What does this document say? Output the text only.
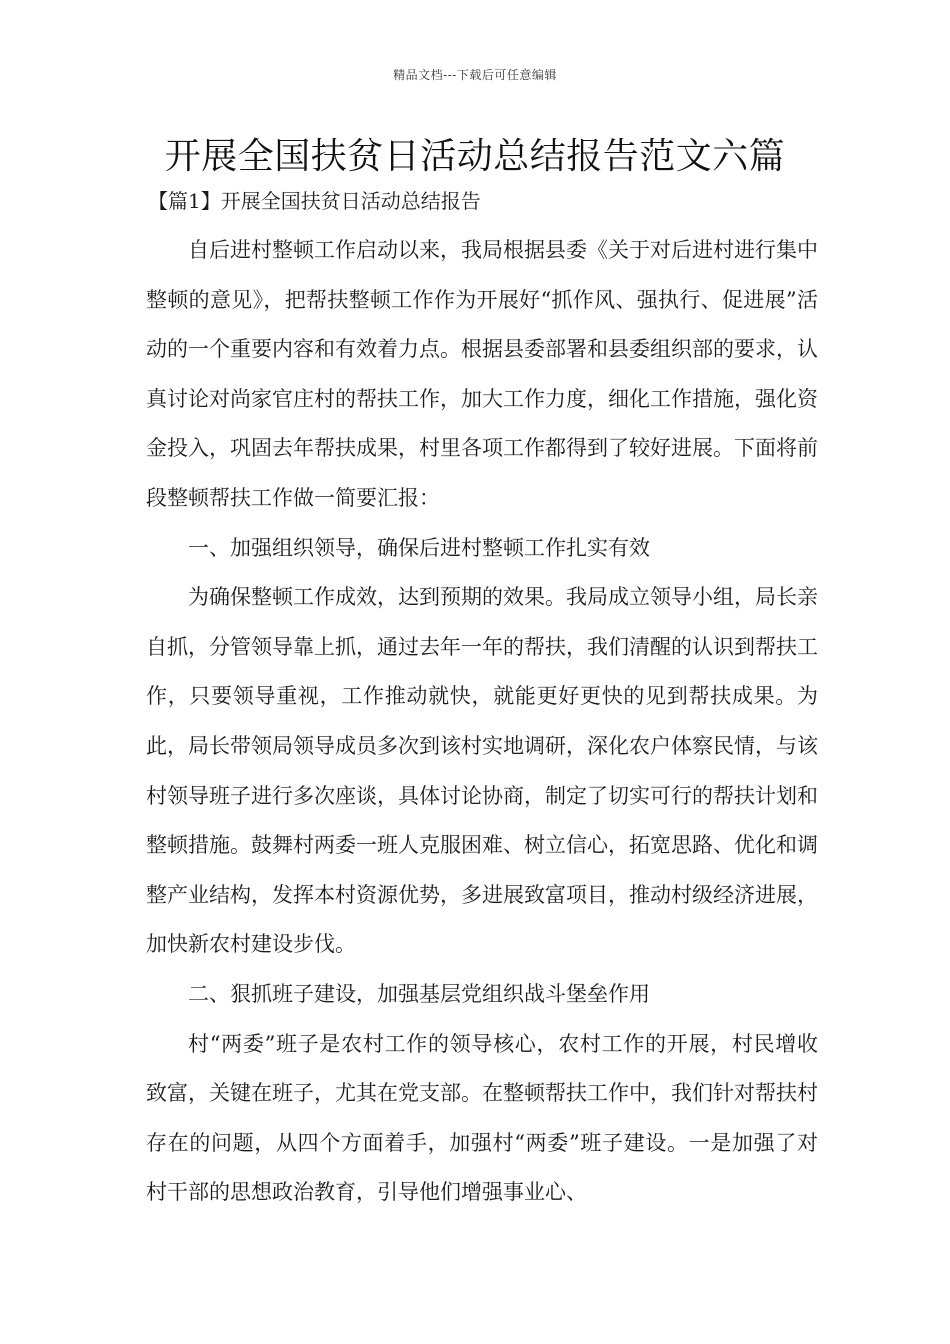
精品文档---下载后可任意编辑
开展全国扶贫日活动总结报告范文六篇
【篇1】开展全国扶贫日活动总结报告

自后进村整顿工作启动以来，我局根据县委《关于对后进村进行集中整顿的意见》，把帮扶整顿工作作为开展好“抓作风、强执行、促进展”活动的一个重要内容和有效着力点。根据县委部署和县委组织部的要求，认真讨论对尚家官庄村的帮扶工作，加大工作力度，细化工作措施，强化资金投入，巩固去年帮扶成果，村里各项工作都得到了较好进展。下面将前段整顿帮扶工作做一简要汇报：

一、加强组织领导，确保后进村整顿工作扎实有效

为确保整顿工作成效，达到预期的效果。我局成立领导小组，局长亲自抓，分管领导靠上抓，通过去年一年的帮扶，我们清醒的认识到帮扶工作，只要领导重视，工作推动就快，就能更好更快的见到帮扶成果。为此，局长带领局领导成员多次到该村实地调研，深化农户体察民情，与该村领导班子进行多次座谈，具体讨论协商，制定了切实可行的帮扶计划和整顿措施。鼓舞村两委一班人克服困难、树立信心，拓宽思路、优化和调整产业结构，发挥本村资源优势，多进展致富项目，推动村级经济进展，加快新农村建设步伐。

二、狠抓班子建设，加强基层党组织战斗堡垒作用

村“两委”班子是农村工作的领导核心，农村工作的开展，村民增收致富，关键在班子，尤其在党支部。在整顿帮扶工作中，我们针对帮扶村存在的问题，从四个方面着手，加强村“两委”班子建设。一是加强了对村干部的思想政治教育，引导他们增强事业心、
